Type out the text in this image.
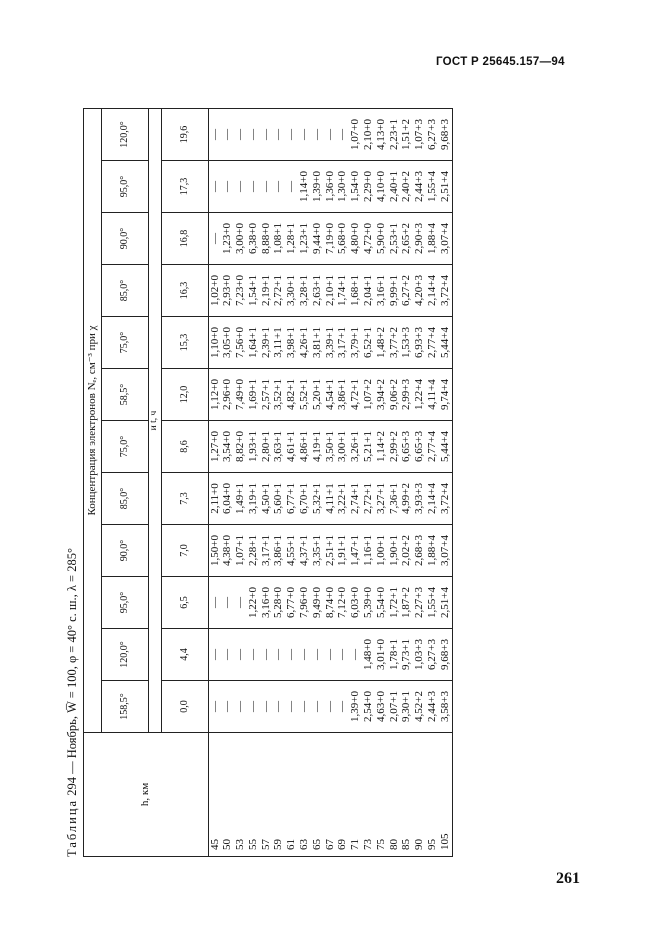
ГОСТ Р 25645.157—94
Таблица 294 — Ноябрь, W̅ = 100, φ = 40° с. ш., λ = 285°
h, км	Концентрация электронов Nₑ, см⁻³ при χ											
	158,5°	120,0°	95,0°	90,0°	85,0°	75,0°	58,5°	75,0°	85,0°	90,0°	95,0°	120,0°
	и t, ч											
	0,0	4,4	6,5	7,0	7,3	8,6	12,0	15,3	16,3	16,8	17,3	19,6
45	—	—	—	1,50+0	2,11+0	1,27+0	1,12+0	1,10+0	1,02+0	—	—	—
50	—	—	—	4,38+0	6,04+0	3,54+0	2,96+0	3,05+0	2,93+0	1,23+0	—	—
53	—	—	—	1,07+1	1,49+1	8,82+0	7,49+0	7,56+0	7,23+0	3,00+0	—	—
55	—	—	1,22+0	2,28+1	3,19+1	1,93+1	1,69+1	1,64+1	1,54+1	6,38+0	—	—
57	—	—	3,16+0	3,17+1	4,50+1	2,80+1	2,57+1	2,39+1	2,19+1	8,88+0	—	—
59	—	—	5,28+0	3,86+1	5,60+1	3,63+1	3,52+1	3,11+1	2,72+1	1,08+1	—	—
61	—	—	6,77+0	4,55+1	6,77+1	4,61+1	4,82+1	3,98+1	3,30+1	1,28+1	—	—
63	—	—	7,96+0	4,37+1	6,70+1	4,86+1	5,52+1	4,26+1	3,28+1	1,23+1	1,14+0	—
65	—	—	9,49+0	3,35+1	5,32+1	4,19+1	5,20+1	3,81+1	2,63+1	9,44+0	1,39+0	—
67	—	—	8,74+0	2,51+1	4,11+1	3,50+1	4,54+1	3,39+1	2,10+1	7,19+0	1,36+0	—
69	—	—	7,12+0	1,91+1	3,22+1	3,00+1	3,86+1	3,17+1	1,74+1	5,68+0	1,30+0	—
71	1,39+0	—	6,03+0	1,47+1	2,74+1	3,26+1	4,72+1	3,79+1	1,68+1	4,80+0	1,54+0	1,07+0
73	2,54+0	1,48+0	5,39+0	1,16+1	2,72+1	5,21+1	1,07+2	6,52+1	2,04+1	4,72+0	2,29+0	2,10+0
75	4,63+0	3,01+0	5,54+0	1,00+1	3,27+1	1,14+2	3,94+2	1,48+2	3,16+1	5,90+0	4,10+0	4,13+0
80	2,07+1	1,78+1	1,72+1	1,90+1	7,36+1	2,99+2	9,06+2	3,77+2	9,99+1	2,53+1	2,40+1	2,23+1
85	9,30+1	9,73+1	1,87+2	2,02+2	4,99+2	6,65+3	2,99+3	1,53+3	6,27+2	2,65+2	2,40+2	1,51+2
90	4,52+2	1,03+3	2,27+3	2,68+3	3,93+3	6,65+3	1,22+4	6,93+3	4,20+3	2,90+3	2,44+3	1,07+3
95	2,44+3	6,27+3	1,55+4	1,88+4	2,14+4	2,77+4	4,11+4	2,77+4	2,14+4	1,88+4	1,55+4	6,27+3
105	3,58+3	9,68+3	2,51+4	3,07+4	3,72+4	5,44+4	9,74+4	5,44+4	3,72+4	3,07+4	2,51+4	9,68+3
261
